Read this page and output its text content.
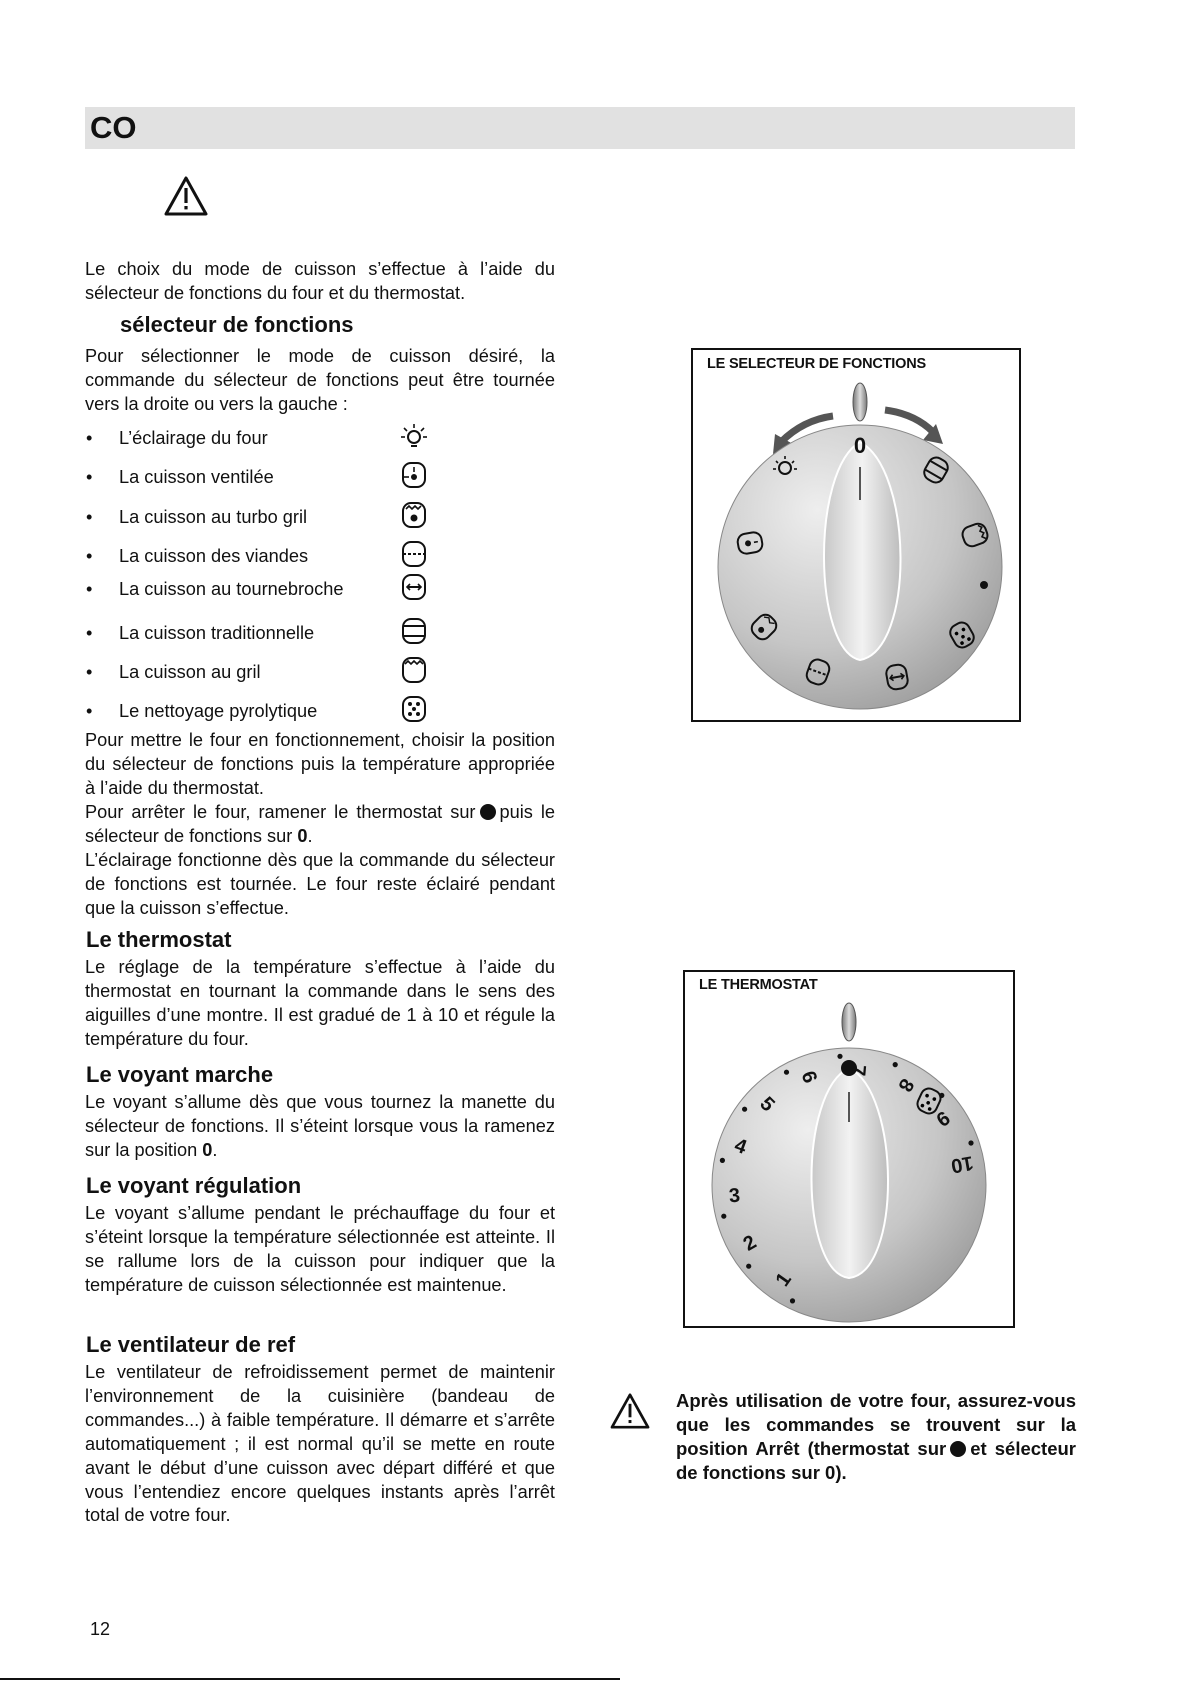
CO

Le choix du mode de cuisson s’effectue à l’aide du sélecteur de fonctions du four et du thermostat.

sélecteur de fonctions

Pour sélectionner le mode de cuisson désiré, la commande du sélecteur de fonctions peut être tournée vers la droite ou vers la gauche :

• L’éclairage du four
• La cuisson ventilée
• La cuisson au turbo gril
• La cuisson des viandes
• La cuisson au tournebroche
• La cuisson traditionnelle
• La cuisson au gril
• Le nettoyage pyrolytique

Pour mettre le four en fonctionnement, choisir la position du sélecteur de fonctions puis la température appropriée à l’aide du thermostat.

Pour arrêter le four, ramener le thermostat sur puis le sélecteur de fonctions sur 0.

L’éclairage fonctionne dès que la commande du sélecteur de fonctions est tournée. Le four reste éclairé pendant que la cuisson s’effectue.

Le thermostat

Le réglage de la température s’effectue à l’aide du thermostat en tournant la commande dans le sens des aiguilles d’une montre. Il est gradué de 1 à 10 et régule la température du four.

Le voyant marche

Le voyant s’allume dès que vous tournez la manette du sélecteur de fonctions. Il s’éteint lorsque vous la ramenez sur la position 0.

Le voyant régulation

Le voyant s’allume pendant le préchauffage du four et s’éteint lorsque la température sélectionnée est atteinte. Il se rallume lors de la cuisson pour indiquer que la température de cuisson sélectionnée est maintenue.

Le ventilateur de ref

Le ventilateur de refroidissement permet de maintenir l’environnement de la cuisinière (bandeau de commandes...) à faible température. Il démarre et s’arrête automatiquement ; il est normal qu’il se mette en route avant le début d’une cuisson avec départ différé et que vous l’entendiez encore quelques instants après l’arrêt total de votre four.

LE SELECTEUR DE FONCTIONS
0
LE THERMOSTAT
1
2
3
4
5
6 7
8
9
10

Après utilisation de votre four, assurez-vous que les commandes se trouvent sur la position Arrêt (thermostat sur et sélecteur de fonctions sur 0).

12
